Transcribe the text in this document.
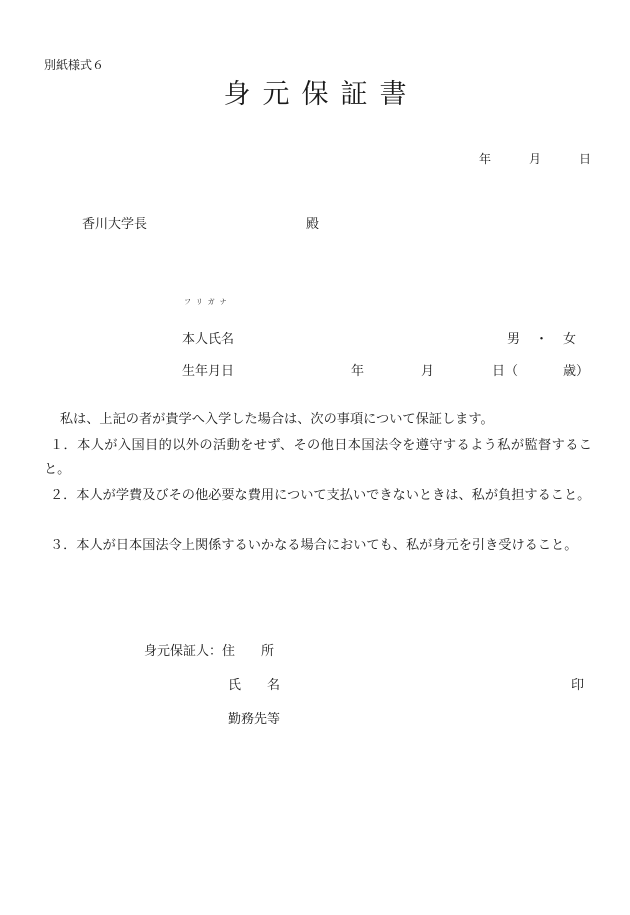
別紙様式６
身元保証書
年	月	日
香川大学長	殿
フリガナ
本人氏名	男 ・ 女
生年月日	年	月	日（	歳）
私は、上記の者が貴学へ入学した場合は、次の事項について保証します。
１．本人が入国目的以外の活動をせず、その他日本国法令を遵守するよう私が監督すること。
２．本人が学費及びその他必要な費用について支払いできないときは、私が負担すること。
３．本人が日本国法令上関係するいかなる場合においても、私が身元を引き受けること。
身元保証人：住　　所
氏　　名	印
勤務先等
